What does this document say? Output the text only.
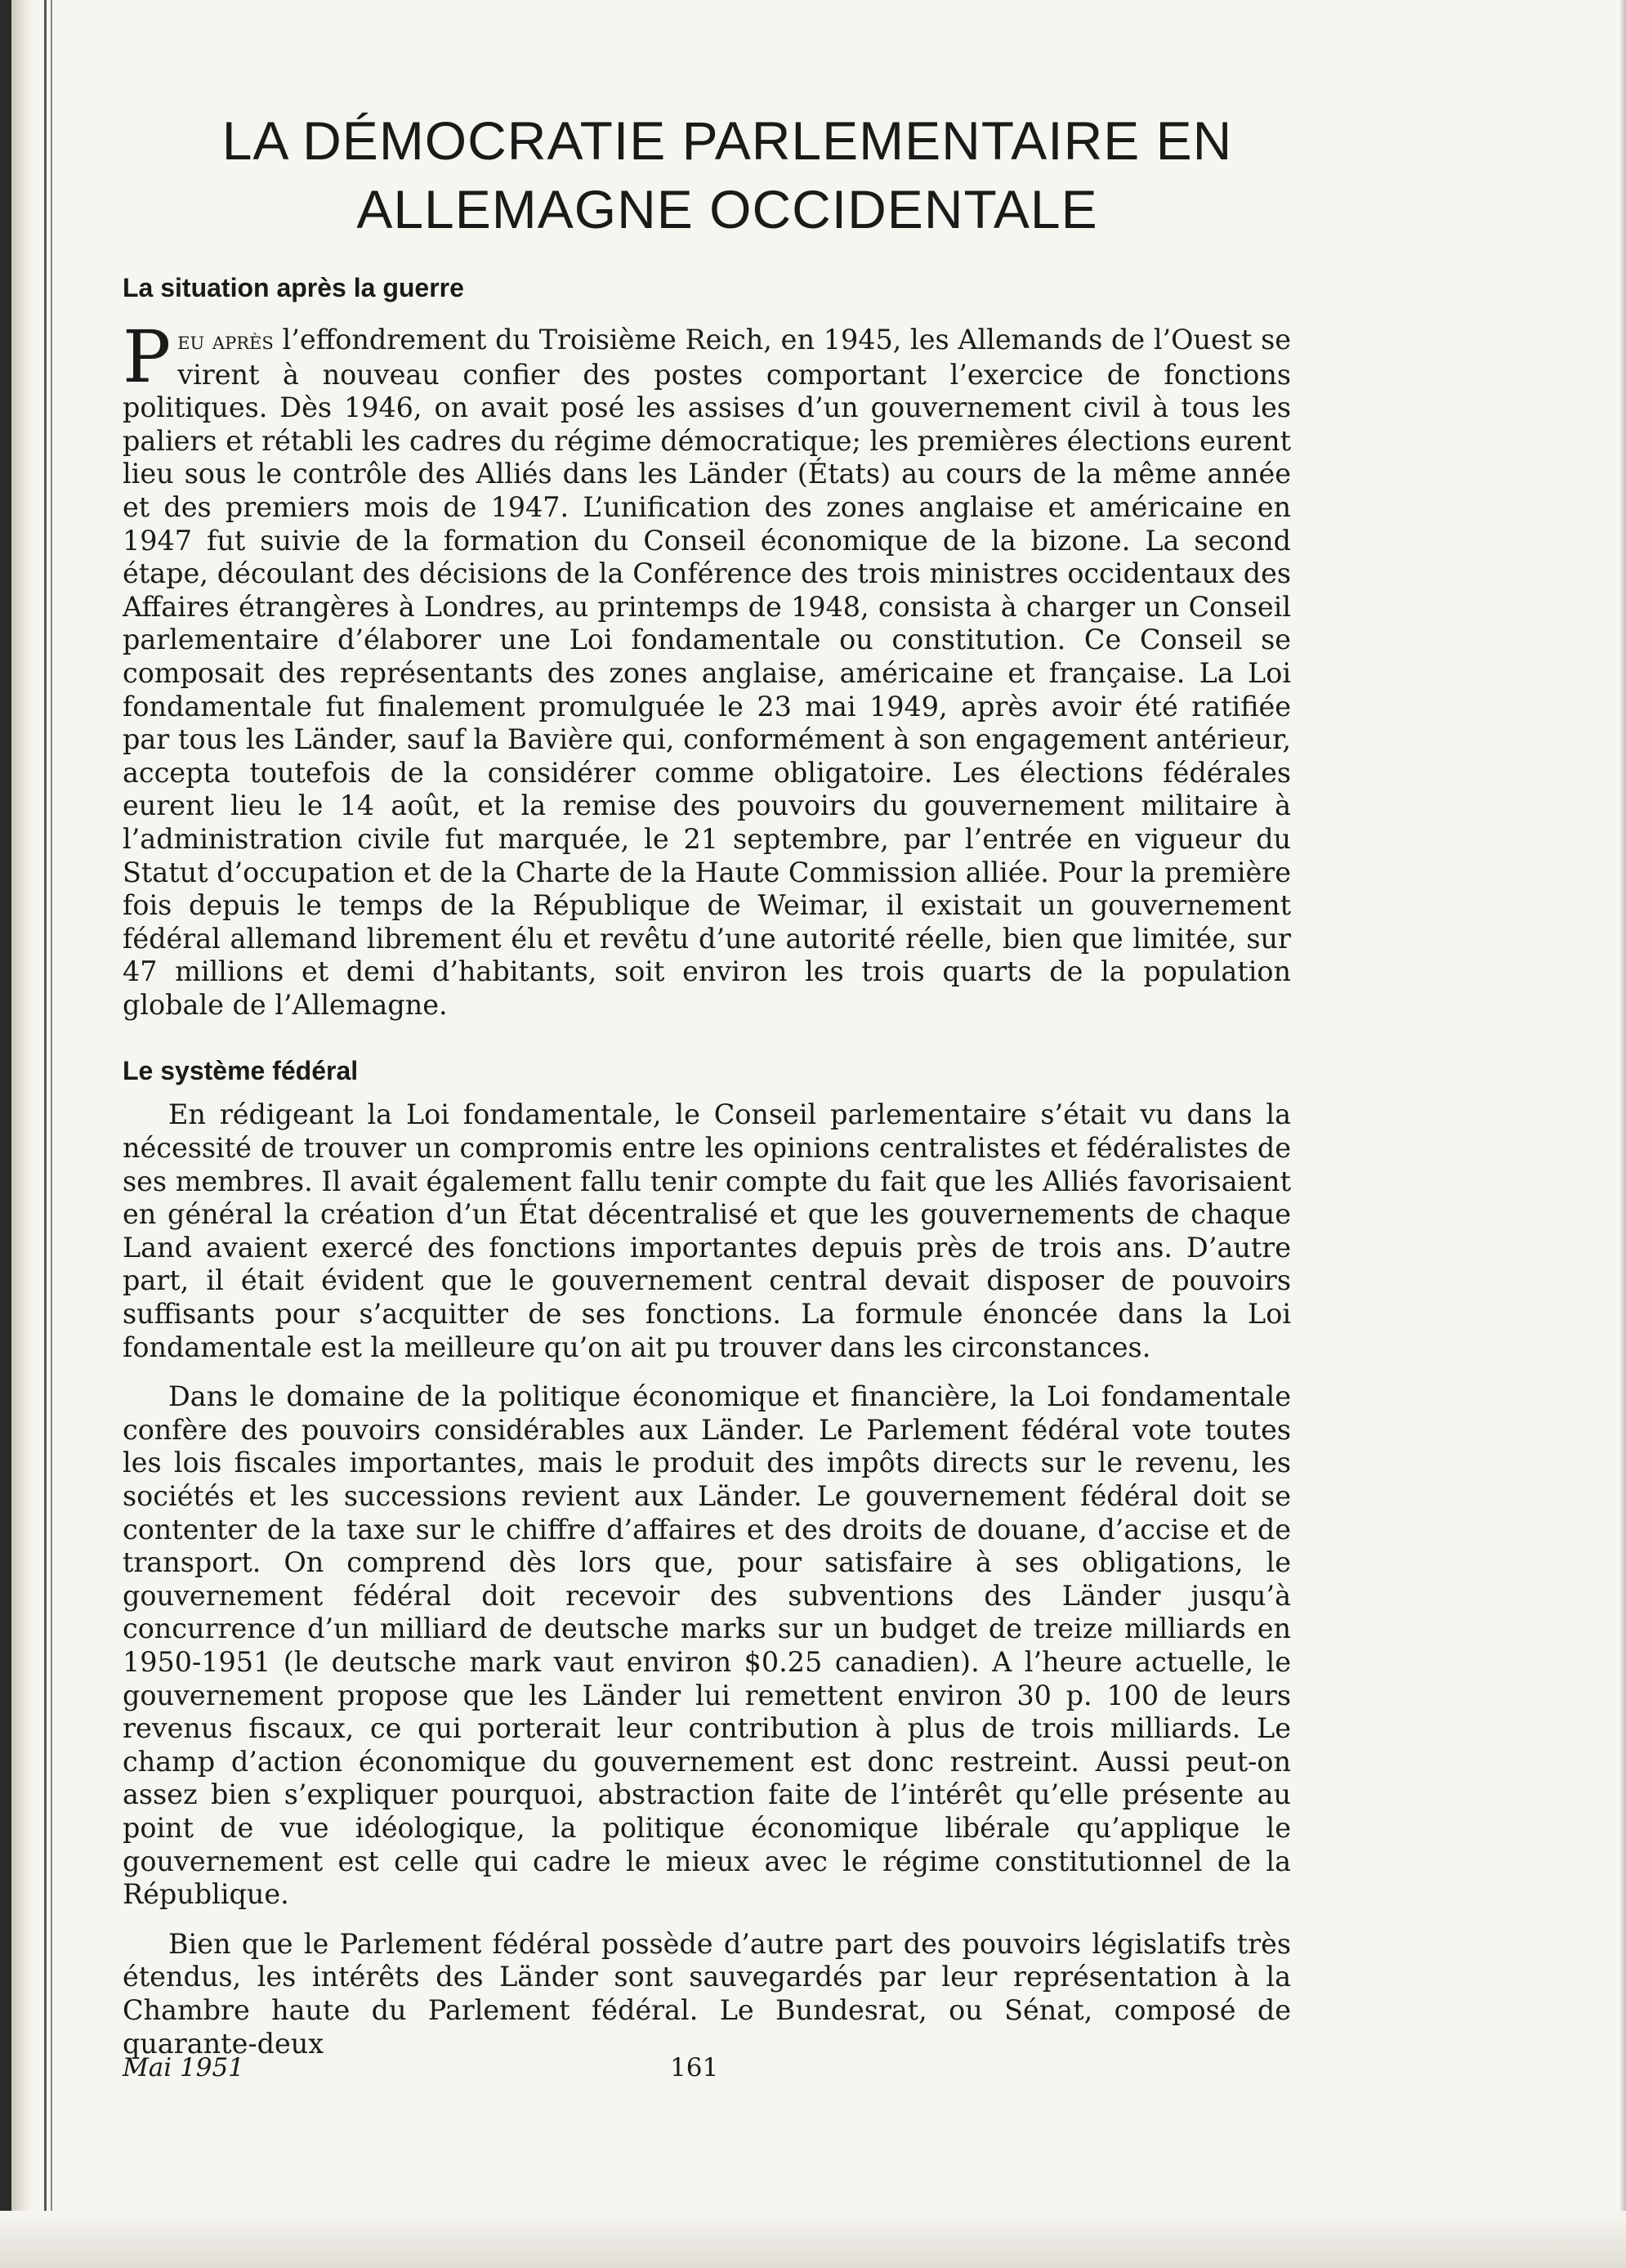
LA DÉMOCRATIE PARLEMENTAIRE EN
ALLEMAGNE OCCIDENTALE
La situation après la guerre

Peu après l’effondrement du Troisième Reich, en 1945, les Allemands de l’Ouest se virent à nouveau confier des postes comportant l’exercice de fonctions politiques. Dès 1946, on avait posé les assises d’un gouvernement civil à tous les paliers et rétabli les cadres du régime démocratique; les premières élections eurent lieu sous le contrôle des Alliés dans les Länder (États) au cours de la même année et des premiers mois de 1947. L’unification des zones anglaise et américaine en 1947 fut suivie de la formation du Conseil économique de la bizone. La second étape, découlant des décisions de la Conférence des trois ministres occidentaux des Affaires étrangères à Londres, au printemps de 1948, consista à charger un Conseil parlementaire d’élaborer une Loi fondamentale ou constitution. Ce Conseil se composait des représentants des zones anglaise, américaine et française. La Loi fondamentale fut finalement promulguée le 23 mai 1949, après avoir été ratifiée par tous les Länder, sauf la Bavière qui, conformément à son engagement antérieur, accepta toutefois de la considérer comme obligatoire. Les élections fédérales eurent lieu le 14 août, et la remise des pouvoirs du gouvernement militaire à l’administration civile fut marquée, le 21 septembre, par l’entrée en vigueur du Statut d’occupation et de la Charte de la Haute Commission alliée. Pour la première fois depuis le temps de la République de Weimar, il existait un gouvernement fédéral allemand librement élu et revêtu d’une autorité réelle, bien que limitée, sur 47 millions et demi d’habitants, soit environ les trois quarts de la population globale de l’Allemagne.

Le système fédéral

En rédigeant la Loi fondamentale, le Conseil parlementaire s’était vu dans la nécessité de trouver un compromis entre les opinions centralistes et fédéralistes de ses membres. Il avait également fallu tenir compte du fait que les Alliés favorisaient en général la création d’un État décentralisé et que les gouvernements de chaque Land avaient exercé des fonctions importantes depuis près de trois ans. D’autre part, il était évident que le gouvernement central devait disposer de pouvoirs suffisants pour s’acquitter de ses fonctions. La formule énoncée dans la Loi fondamentale est la meilleure qu’on ait pu trouver dans les circonstances.

Dans le domaine de la politique économique et financière, la Loi fondamentale confère des pouvoirs considérables aux Länder. Le Parlement fédéral vote toutes les lois fiscales importantes, mais le produit des impôts directs sur le revenu, les sociétés et les successions revient aux Länder. Le gouvernement fédéral doit se contenter de la taxe sur le chiffre d’affaires et des droits de douane, d’accise et de transport. On comprend dès lors que, pour satisfaire à ses obligations, le gouvernement fédéral doit recevoir des subventions des Länder jusqu’à concurrence d’un milliard de deutsche marks sur un budget de treize milliards en 1950-1951 (le deutsche mark vaut environ $0.25 canadien). A l’heure actuelle, le gouvernement propose que les Länder lui remettent environ 30 p. 100 de leurs revenus fiscaux, ce qui porterait leur contribution à plus de trois milliards. Le champ d’action économique du gouvernement est donc restreint. Aussi peut-on assez bien s’expliquer pourquoi, abstraction faite de l’intérêt qu’elle présente au point de vue idéologique, la politique économique libérale qu’applique le gouvernement est celle qui cadre le mieux avec le régime constitutionnel de la République.

Bien que le Parlement fédéral possède d’autre part des pouvoirs législatifs très étendus, les intérêts des Länder sont sauvegardés par leur représentation à la Chambre haute du Parlement fédéral. Le Bundesrat, ou Sénat, composé de quarante-deux

Mai 1951	161
